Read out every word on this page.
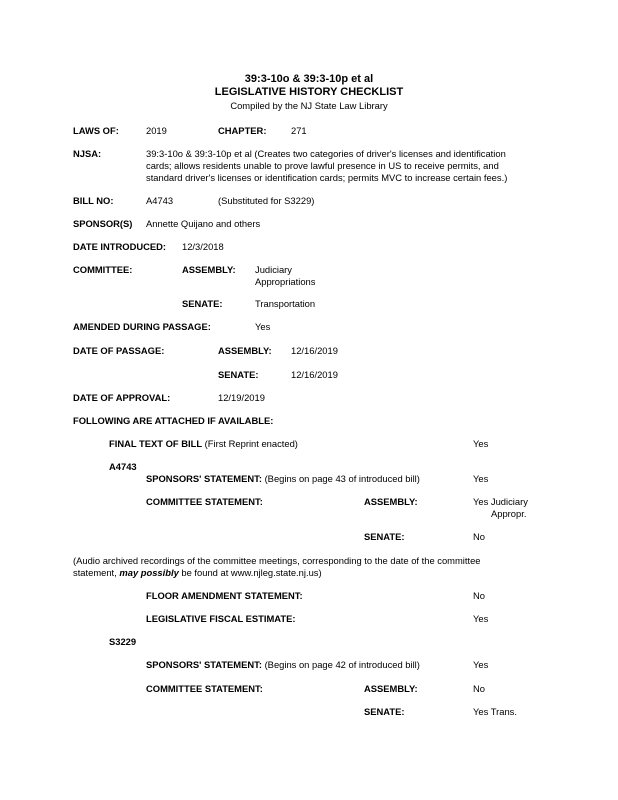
39:3-10o & 39:3-10p et al
LEGISLATIVE HISTORY CHECKLIST
Compiled by the NJ State Law Library
LAWS OF:	2019	CHAPTER:	271
NJSA:	39:3-10o & 39:3-10p et al (Creates two categories of driver's licenses and identification
cards; allows residents unable to prove lawful presence in US to receive permits, and
standard driver's licenses or identification cards; permits MVC to increase certain fees.)
BILL NO:	A4743	(Substituted for S3229)
SPONSOR(S) Annette Quijano and others
DATE INTRODUCED: 12/3/2018
COMMITTEE:	ASSEMBLY: Judiciary
Appropriations
SENATE:	Transportation
AMENDED DURING PASSAGE:	Yes
DATE OF PASSAGE:	ASSEMBLY: 12/16/2019
SENATE:	12/16/2019
DATE OF APPROVAL:	12/19/2019
FOLLOWING ARE ATTACHED IF AVAILABLE:
FINAL TEXT OF BILL (First Reprint enacted)	Yes
A4743
SPONSORS' STATEMENT: (Begins on page 43 of introduced bill)	Yes
COMMITTEE STATEMENT:	ASSEMBLY:	Yes Judiciary
Appropr.
SENATE:	No
(Audio archived recordings of the committee meetings, corresponding to the date of the committee
statement, may possibly be found at www.njleg.state.nj.us)
FLOOR AMENDMENT STATEMENT:	No
LEGISLATIVE FISCAL ESTIMATE:	Yes
S3229
SPONSORS' STATEMENT: (Begins on page 42 of introduced bill)	Yes
COMMITTEE STATEMENT:	ASSEMBLY:	No
SENATE:	Yes Trans.
